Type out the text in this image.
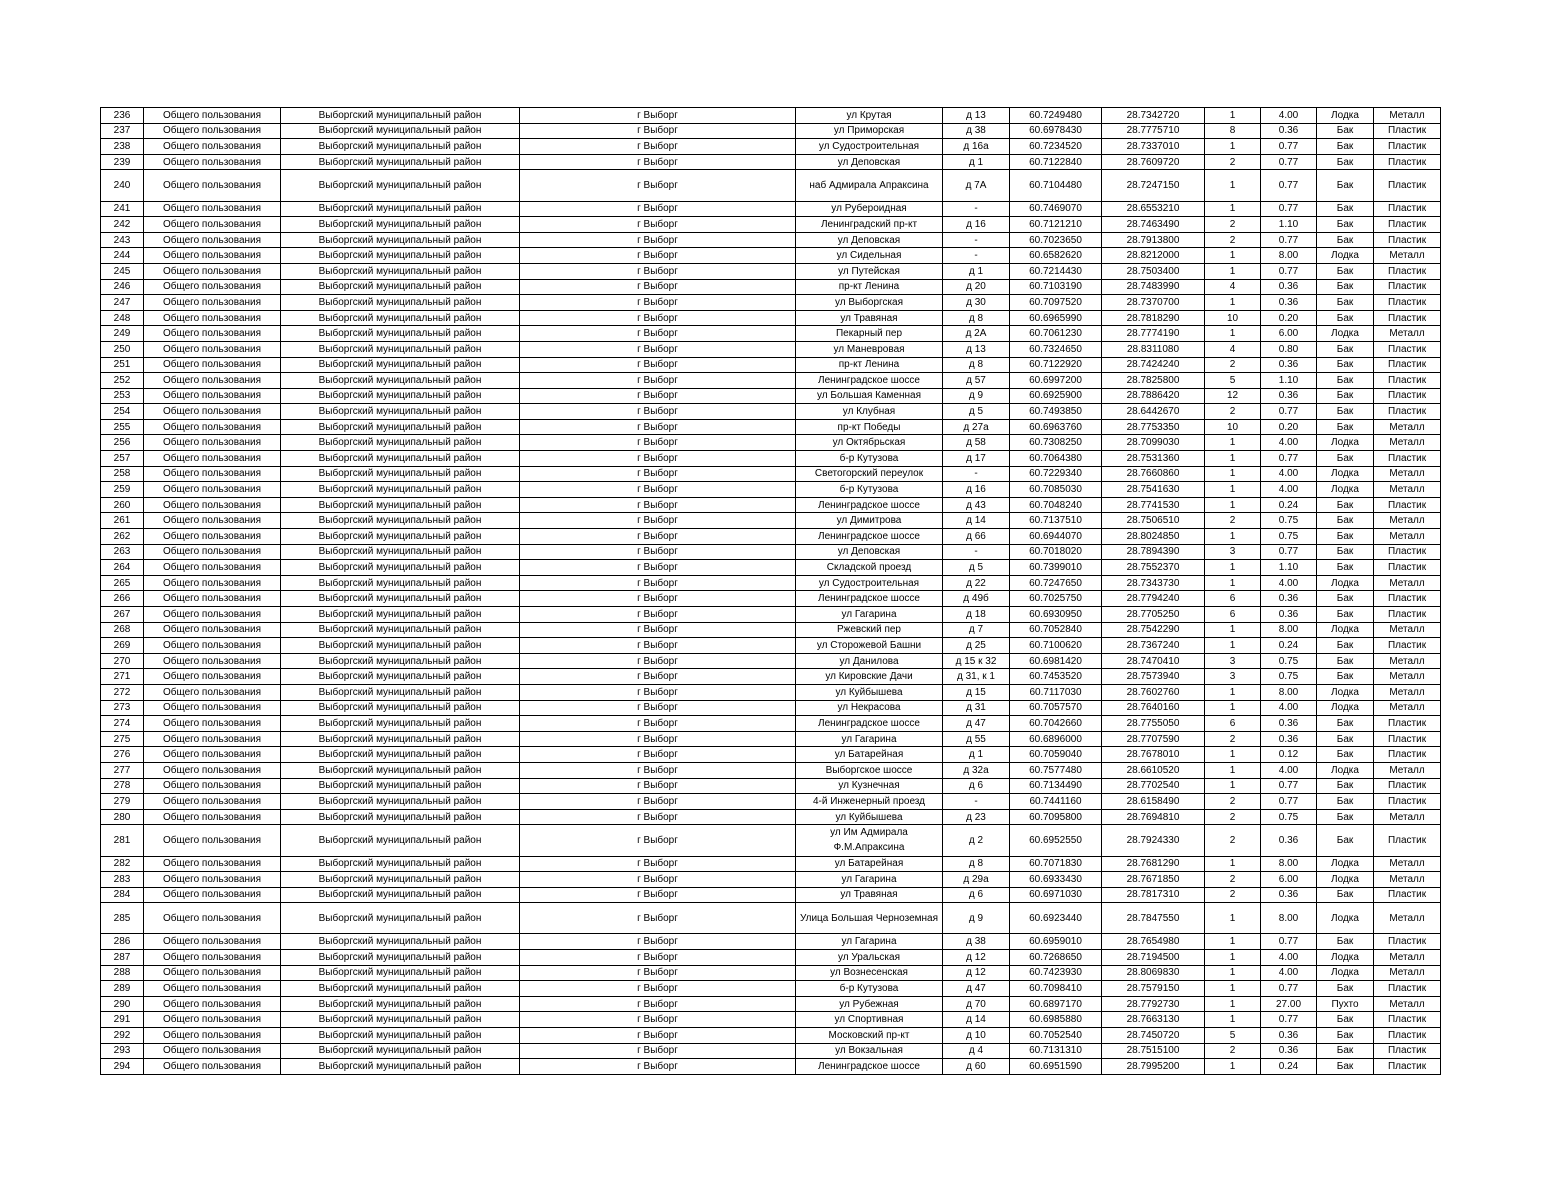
236	Общего пользования	Выборгский муниципальный район	г Выборг	ул Крутая	д 13	60.7249480	28.7342720	1	4.00	Лодка	Металл
237	Общего пользования	Выборгский муниципальный район	г Выборг	ул Приморская	д 38	60.6978430	28.7775710	8	0.36	Бак	Пластик
238	Общего пользования	Выборгский муниципальный район	г Выборг	ул Судостроительная	д 16а	60.7234520	28.7337010	1	0.77	Бак	Пластик
239	Общего пользования	Выборгский муниципальный район	г Выборг	ул Деповская	д 1	60.7122840	28.7609720	2	0.77	Бак	Пластик
240	Общего пользования	Выборгский муниципальный район	г Выборг	наб Адмирала Апраксина	д 7А	60.7104480	28.7247150	1	0.77	Бак	Пластик
241	Общего пользования	Выборгский муниципальный район	г Выборг	ул Рубероидная	-	60.7469070	28.6553210	1	0.77	Бак	Пластик
242	Общего пользования	Выборгский муниципальный район	г Выборг	Ленинградский пр-кт	д 16	60.7121210	28.7463490	2	1.10	Бак	Пластик
243	Общего пользования	Выборгский муниципальный район	г Выборг	ул Деповская	-	60.7023650	28.7913800	2	0.77	Бак	Пластик
244	Общего пользования	Выборгский муниципальный район	г Выборг	ул Сидельная	-	60.6582620	28.8212000	1	8.00	Лодка	Металл
245	Общего пользования	Выборгский муниципальный район	г Выборг	ул Путейская	д 1	60.7214430	28.7503400	1	0.77	Бак	Пластик
246	Общего пользования	Выборгский муниципальный район	г Выборг	пр-кт Ленина	д 20	60.7103190	28.7483990	4	0.36	Бак	Пластик
247	Общего пользования	Выборгский муниципальный район	г Выборг	ул Выборгская	д 30	60.7097520	28.7370700	1	0.36	Бак	Пластик
248	Общего пользования	Выборгский муниципальный район	г Выборг	ул Травяная	д 8	60.6965990	28.7818290	10	0.20	Бак	Пластик
249	Общего пользования	Выборгский муниципальный район	г Выборг	Пекарный пер	д 2А	60.7061230	28.7774190	1	6.00	Лодка	Металл
250	Общего пользования	Выборгский муниципальный район	г Выборг	ул Маневровая	д 13	60.7324650	28.8311080	4	0.80	Бак	Пластик
251	Общего пользования	Выборгский муниципальный район	г Выборг	пр-кт Ленина	д 8	60.7122920	28.7424240	2	0.36	Бак	Пластик
252	Общего пользования	Выборгский муниципальный район	г Выборг	Ленинградское шоссе	д 57	60.6997200	28.7825800	5	1.10	Бак	Пластик
253	Общего пользования	Выборгский муниципальный район	г Выборг	ул Большая Каменная	д 9	60.6925900	28.7886420	12	0.36	Бак	Пластик
254	Общего пользования	Выборгский муниципальный район	г Выборг	ул Клубная	д 5	60.7493850	28.6442670	2	0.77	Бак	Пластик
255	Общего пользования	Выборгский муниципальный район	г Выборг	пр-кт Победы	д 27а	60.6963760	28.7753350	10	0.20	Бак	Металл
256	Общего пользования	Выборгский муниципальный район	г Выборг	ул Октябрьская	д 58	60.7308250	28.7099030	1	4.00	Лодка	Металл
257	Общего пользования	Выборгский муниципальный район	г Выборг	б-р Кутузова	д 17	60.7064380	28.7531360	1	0.77	Бак	Пластик
258	Общего пользования	Выборгский муниципальный район	г Выборг	Светогорский переулок	-	60.7229340	28.7660860	1	4.00	Лодка	Металл
259	Общего пользования	Выборгский муниципальный район	г Выборг	б-р Кутузова	д 16	60.7085030	28.7541630	1	4.00	Лодка	Металл
260	Общего пользования	Выборгский муниципальный район	г Выборг	Ленинградское шоссе	д 43	60.7048240	28.7741530	1	0.24	Бак	Пластик
261	Общего пользования	Выборгский муниципальный район	г Выборг	ул Димитрова	д 14	60.7137510	28.7506510	2	0.75	Бак	Металл
262	Общего пользования	Выборгский муниципальный район	г Выборг	Ленинградское шоссе	д 66	60.6944070	28.8024850	1	0.75	Бак	Металл
263	Общего пользования	Выборгский муниципальный район	г Выборг	ул Деповская	-	60.7018020	28.7894390	3	0.77	Бак	Пластик
264	Общего пользования	Выборгский муниципальный район	г Выборг	Складской проезд	д 5	60.7399010	28.7552370	1	1.10	Бак	Пластик
265	Общего пользования	Выборгский муниципальный район	г Выборг	ул Судостроительная	д 22	60.7247650	28.7343730	1	4.00	Лодка	Металл
266	Общего пользования	Выборгский муниципальный район	г Выборг	Ленинградское шоссе	д 49б	60.7025750	28.7794240	6	0.36	Бак	Пластик
267	Общего пользования	Выборгский муниципальный район	г Выборг	ул Гагарина	д 18	60.6930950	28.7705250	6	0.36	Бак	Пластик
268	Общего пользования	Выборгский муниципальный район	г Выборг	Ржевский пер	д 7	60.7052840	28.7542290	1	8.00	Лодка	Металл
269	Общего пользования	Выборгский муниципальный район	г Выборг	ул Сторожевой Башни	д 25	60.7100620	28.7367240	1	0.24	Бак	Пластик
270	Общего пользования	Выборгский муниципальный район	г Выборг	ул Данилова	д 15 к 32	60.6981420	28.7470410	3	0.75	Бак	Металл
271	Общего пользования	Выборгский муниципальный район	г Выборг	ул Кировские Дачи	д 31, к 1	60.7453520	28.7573940	3	0.75	Бак	Металл
272	Общего пользования	Выборгский муниципальный район	г Выборг	ул Куйбышева	д 15	60.7117030	28.7602760	1	8.00	Лодка	Металл
273	Общего пользования	Выборгский муниципальный район	г Выборг	ул Некрасова	д 31	60.7057570	28.7640160	1	4.00	Лодка	Металл
274	Общего пользования	Выборгский муниципальный район	г Выборг	Ленинградское шоссе	д 47	60.7042660	28.7755050	6	0.36	Бак	Пластик
275	Общего пользования	Выборгский муниципальный район	г Выборг	ул Гагарина	д 55	60.6896000	28.7707590	2	0.36	Бак	Пластик
276	Общего пользования	Выборгский муниципальный район	г Выборг	ул Батарейная	д 1	60.7059040	28.7678010	1	0.12	Бак	Пластик
277	Общего пользования	Выборгский муниципальный район	г Выборг	Выборгское шоссе	д 32а	60.7577480	28.6610520	1	4.00	Лодка	Металл
278	Общего пользования	Выборгский муниципальный район	г Выборг	ул Кузнечная	д 6	60.7134490	28.7702540	1	0.77	Бак	Пластик
279	Общего пользования	Выборгский муниципальный район	г Выборг	4-й Инженерный проезд	-	60.7441160	28.6158490	2	0.77	Бак	Пластик
280	Общего пользования	Выборгский муниципальный район	г Выборг	ул Куйбышева	д 23	60.7095800	28.7694810	2	0.75	Бак	Металл
281	Общего пользования	Выборгский муниципальный район	г Выборг	ул Им Адмирала Ф.М.Апраксина	д 2	60.6952550	28.7924330	2	0.36	Бак	Пластик
282	Общего пользования	Выборгский муниципальный район	г Выборг	ул Батарейная	д 8	60.7071830	28.7681290	1	8.00	Лодка	Металл
283	Общего пользования	Выборгский муниципальный район	г Выборг	ул Гагарина	д 29а	60.6933430	28.7671850	2	6.00	Лодка	Металл
284	Общего пользования	Выборгский муниципальный район	г Выборг	ул Травяная	д 6	60.6971030	28.7817310	2	0.36	Бак	Пластик
285	Общего пользования	Выборгский муниципальный район	г Выборг	Улица Большая Черноземная	д 9	60.6923440	28.7847550	1	8.00	Лодка	Металл
286	Общего пользования	Выборгский муниципальный район	г Выборг	ул Гагарина	д 38	60.6959010	28.7654980	1	0.77	Бак	Пластик
287	Общего пользования	Выборгский муниципальный район	г Выборг	ул Уральская	д 12	60.7268650	28.7194500	1	4.00	Лодка	Металл
288	Общего пользования	Выборгский муниципальный район	г Выборг	ул Вознесенская	д 12	60.7423930	28.8069830	1	4.00	Лодка	Металл
289	Общего пользования	Выборгский муниципальный район	г Выборг	б-р Кутузова	д 47	60.7098410	28.7579150	1	0.77	Бак	Пластик
290	Общего пользования	Выборгский муниципальный район	г Выборг	ул Рубежная	д 70	60.6897170	28.7792730	1	27.00	Пухто	Металл
291	Общего пользования	Выборгский муниципальный район	г Выборг	ул Спортивная	д 14	60.6985880	28.7663130	1	0.77	Бак	Пластик
292	Общего пользования	Выборгский муниципальный район	г Выборг	Московский пр-кт	д 10	60.7052540	28.7450720	5	0.36	Бак	Пластик
293	Общего пользования	Выборгский муниципальный район	г Выборг	ул Вокзальная	д 4	60.7131310	28.7515100	2	0.36	Бак	Пластик
294	Общего пользования	Выборгский муниципальный район	г Выборг	Ленинградское шоссе	д 60	60.6951590	28.7995200	1	0.24	Бак	Пластик
